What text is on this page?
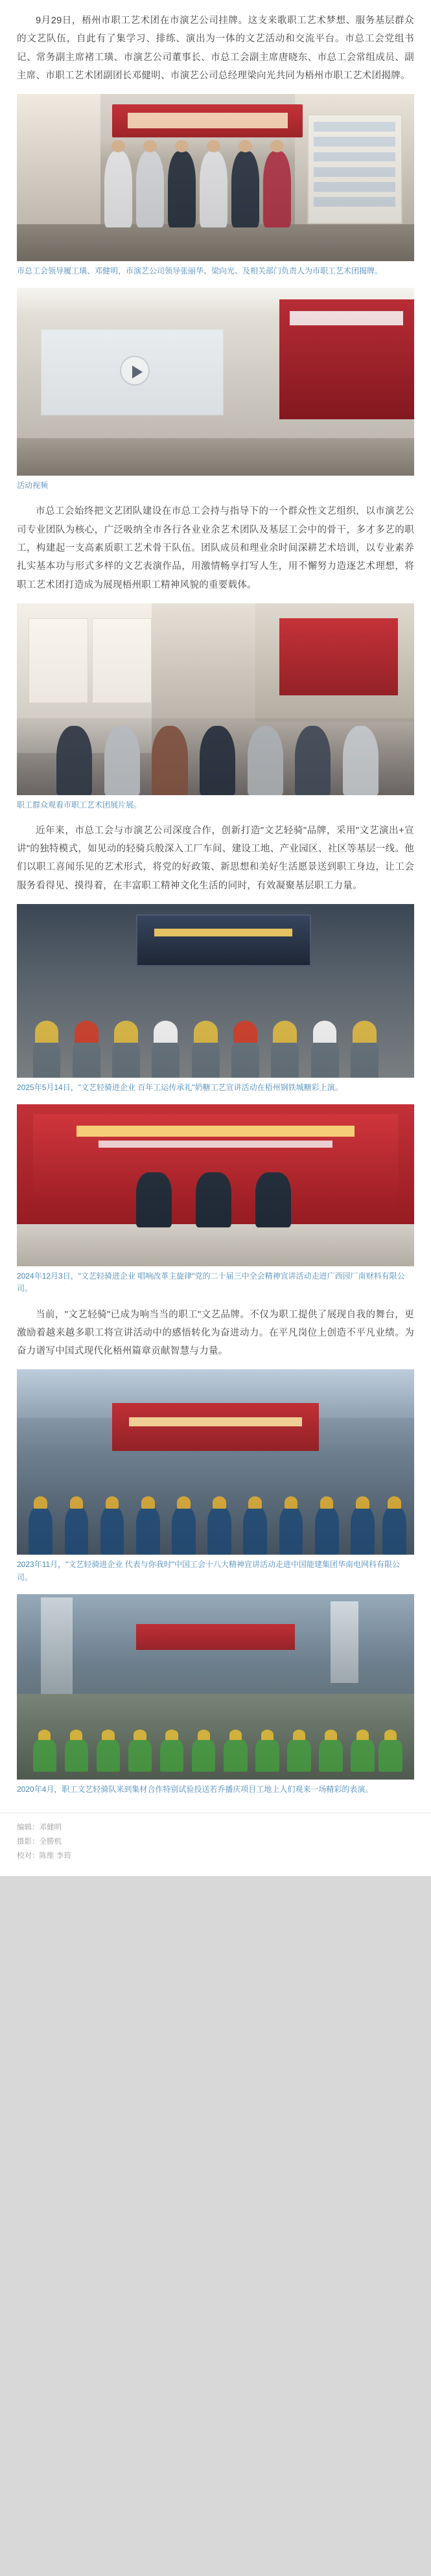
9月29日，梧州市职工艺术团在市演艺公司挂牌。这支来歌职工艺术梦想、服务基层群众的文艺队伍，自此有了集学习、排练、演出为一体的文艺活动和交流平台。市总工会党组书记、常务副主席褚工璜、市演艺公司董事长、市总工会副主席唐晓东、市总工会常组成员、副主席、市职工艺术团副团长邓健明、市演艺公司总经理梁向光共同为梧州市职工艺术团揭牌。

市总工会领导履工璜、邓健明，市演艺公司领导张丽华、梁向光、及相关部门负责人为市职工艺术团揭牌。
活动视频

市总工会始终把文艺团队建设在市总工会持与指导下的一个群众性文艺组织，以市演艺公司专业团队为核心，广泛吸纳全市各行各业业余艺术团队及基层工会中的骨干，多才多艺的职工，构建起一支高素质职工艺术骨干队伍。团队成员和理业余时间深耕艺术培训，以专业素养扎实基本功与形式多样的文艺表演作品，用激情畅享打写人生，用不懈努力造逐艺术理想，将职工艺术团打造成为展现梧州职工精神风貌的重要载体。

职工群众观看市职工艺术团展片展。

近年来，市总工会与市演艺公司深度合作，创新打造"文艺轻骑"品牌，采用"文艺演出+宣讲"的独特模式，如见动的轻骑兵般深入工厂车间、建设工地、产业园区、社区等基层一线。他们以职工喜闻乐见的艺术形式，将党的好政策、新思想和美好生活愿景送到职工身边，让工会服务看得见、摸得着，在丰富职工精神文化生活的同时，有效凝聚基层职工力量。

2025年5月14日，"文艺轻骑进企业 百年工运传承礼"奶糖工艺宣讲活动在梧州钢铁城糖彩上演。
2024年12月3日，"文艺轻骑进企业 唱响改革主旋律"党的二十届三中全会精神宣讲活动走进广西园厂南财料有限公司。

当前，"文艺轻骑"已成为响当当的职工"文艺品牌。不仅为职工提供了展现自我的舞台，更激励着越来越多职工将宣讲活动中的感悟转化为奋进动力。在平凡岗位上创造不平凡业绩。为奋力谱写中国式现代化梧州篇章贡献智慧与力量。

2023年11月，"文艺轻骑进企业 代表与你我时"中国工会十八大精神宣讲活动走进中国能建集团华南电网科有限公司。
2020年4月，职工文艺轻骑队来到集材合作特别试验投送若乔播庆项目工地上人们观来一场精彩的表演。
编辑：邓健明
摄影：全勝机
校对：陈维 李筠
